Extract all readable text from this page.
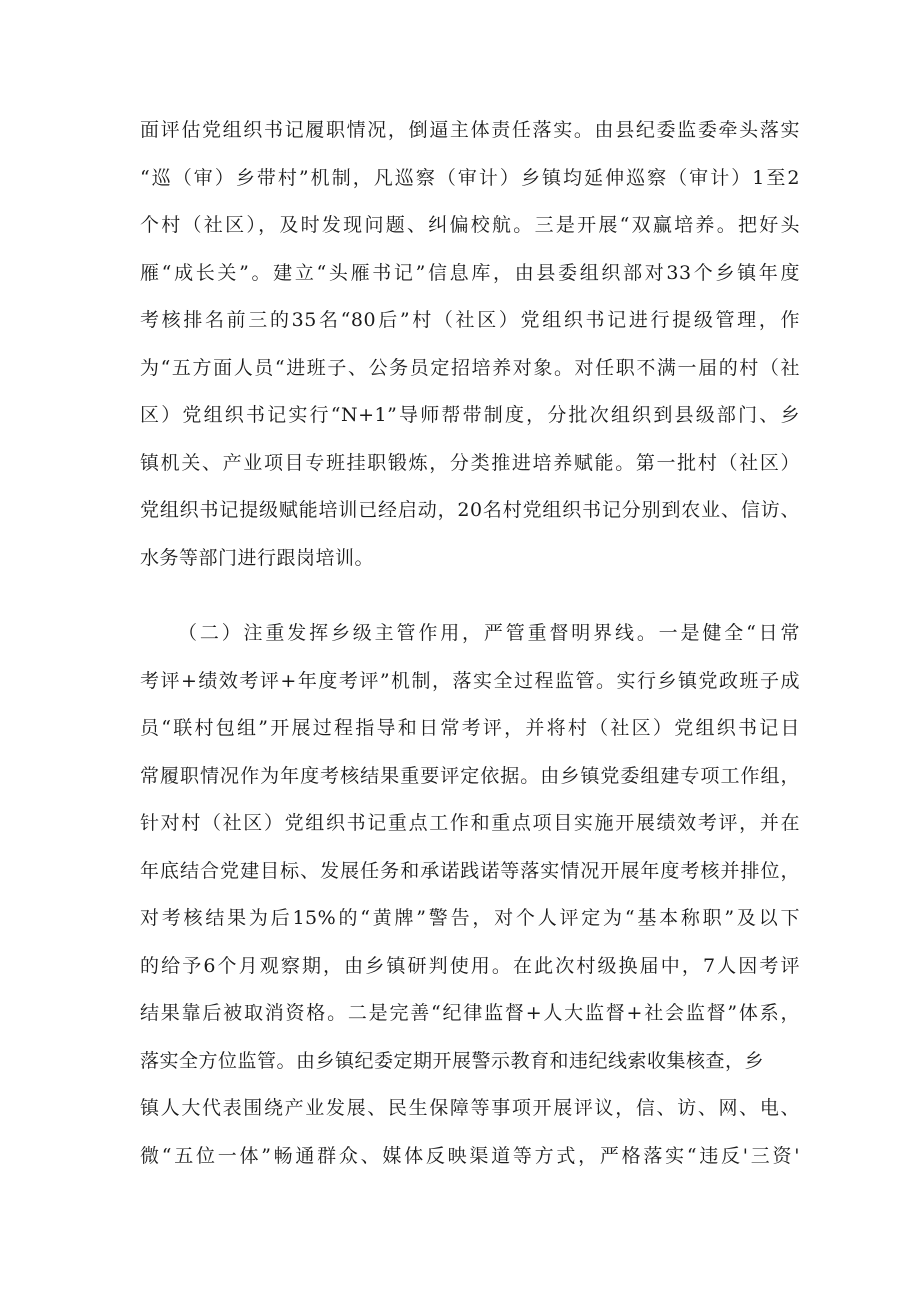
面评估党组织书记履职情况，倒逼主体责任落实。由县纪委监委牵头落实
“巡（审）乡带村”机制，凡巡察（审计）乡镇均延伸巡察（审计）1至2
个村（社区），及时发现问题、纠偏校航。三是开展“双赢培养。把好头
雁“成长关”。建立“头雁书记”信息库，由县委组织部对33个乡镇年度
考核排名前三的35名“80后”村（社区）党组织书记进行提级管理，作
为“五方面人员“进班子、公务员定招培养对象。对任职不满一届的村（社
区）党组织书记实行“N+1”导师帮带制度，分批次组织到县级部门、乡
镇机关、产业项目专班挂职锻炼，分类推进培养赋能。第一批村（社区）
党组织书记提级赋能培训已经启动，20名村党组织书记分别到农业、信访、
水务等部门进行跟岗培训。
（二）注重发挥乡级主管作用，严管重督明界线。一是健全“日常
考评+绩效考评+年度考评”机制，落实全过程监管。实行乡镇党政班子成
员“联村包组”开展过程指导和日常考评，并将村（社区）党组织书记日
常履职情况作为年度考核结果重要评定依据。由乡镇党委组建专项工作组，
针对村（社区）党组织书记重点工作和重点项目实施开展绩效考评，并在
年底结合党建目标、发展任务和承诺践诺等落实情况开展年度考核并排位，
对考核结果为后15%的“黄牌”警告，对个人评定为“基本称职”及以下
的给予6个月观察期，由乡镇研判使用。在此次村级换届中，7人因考评
结果靠后被取消资格。二是完善“纪律监督+人大监督+社会监督”体系，
落实全方位监管。由乡镇纪委定期开展警示教育和违纪线索收集核查，乡
镇人大代表围绕产业发展、民生保障等事项开展评议，信、访、网、电、
微“五位一体”畅通群众、媒体反映渠道等方式，严格落实“违反'三资'
